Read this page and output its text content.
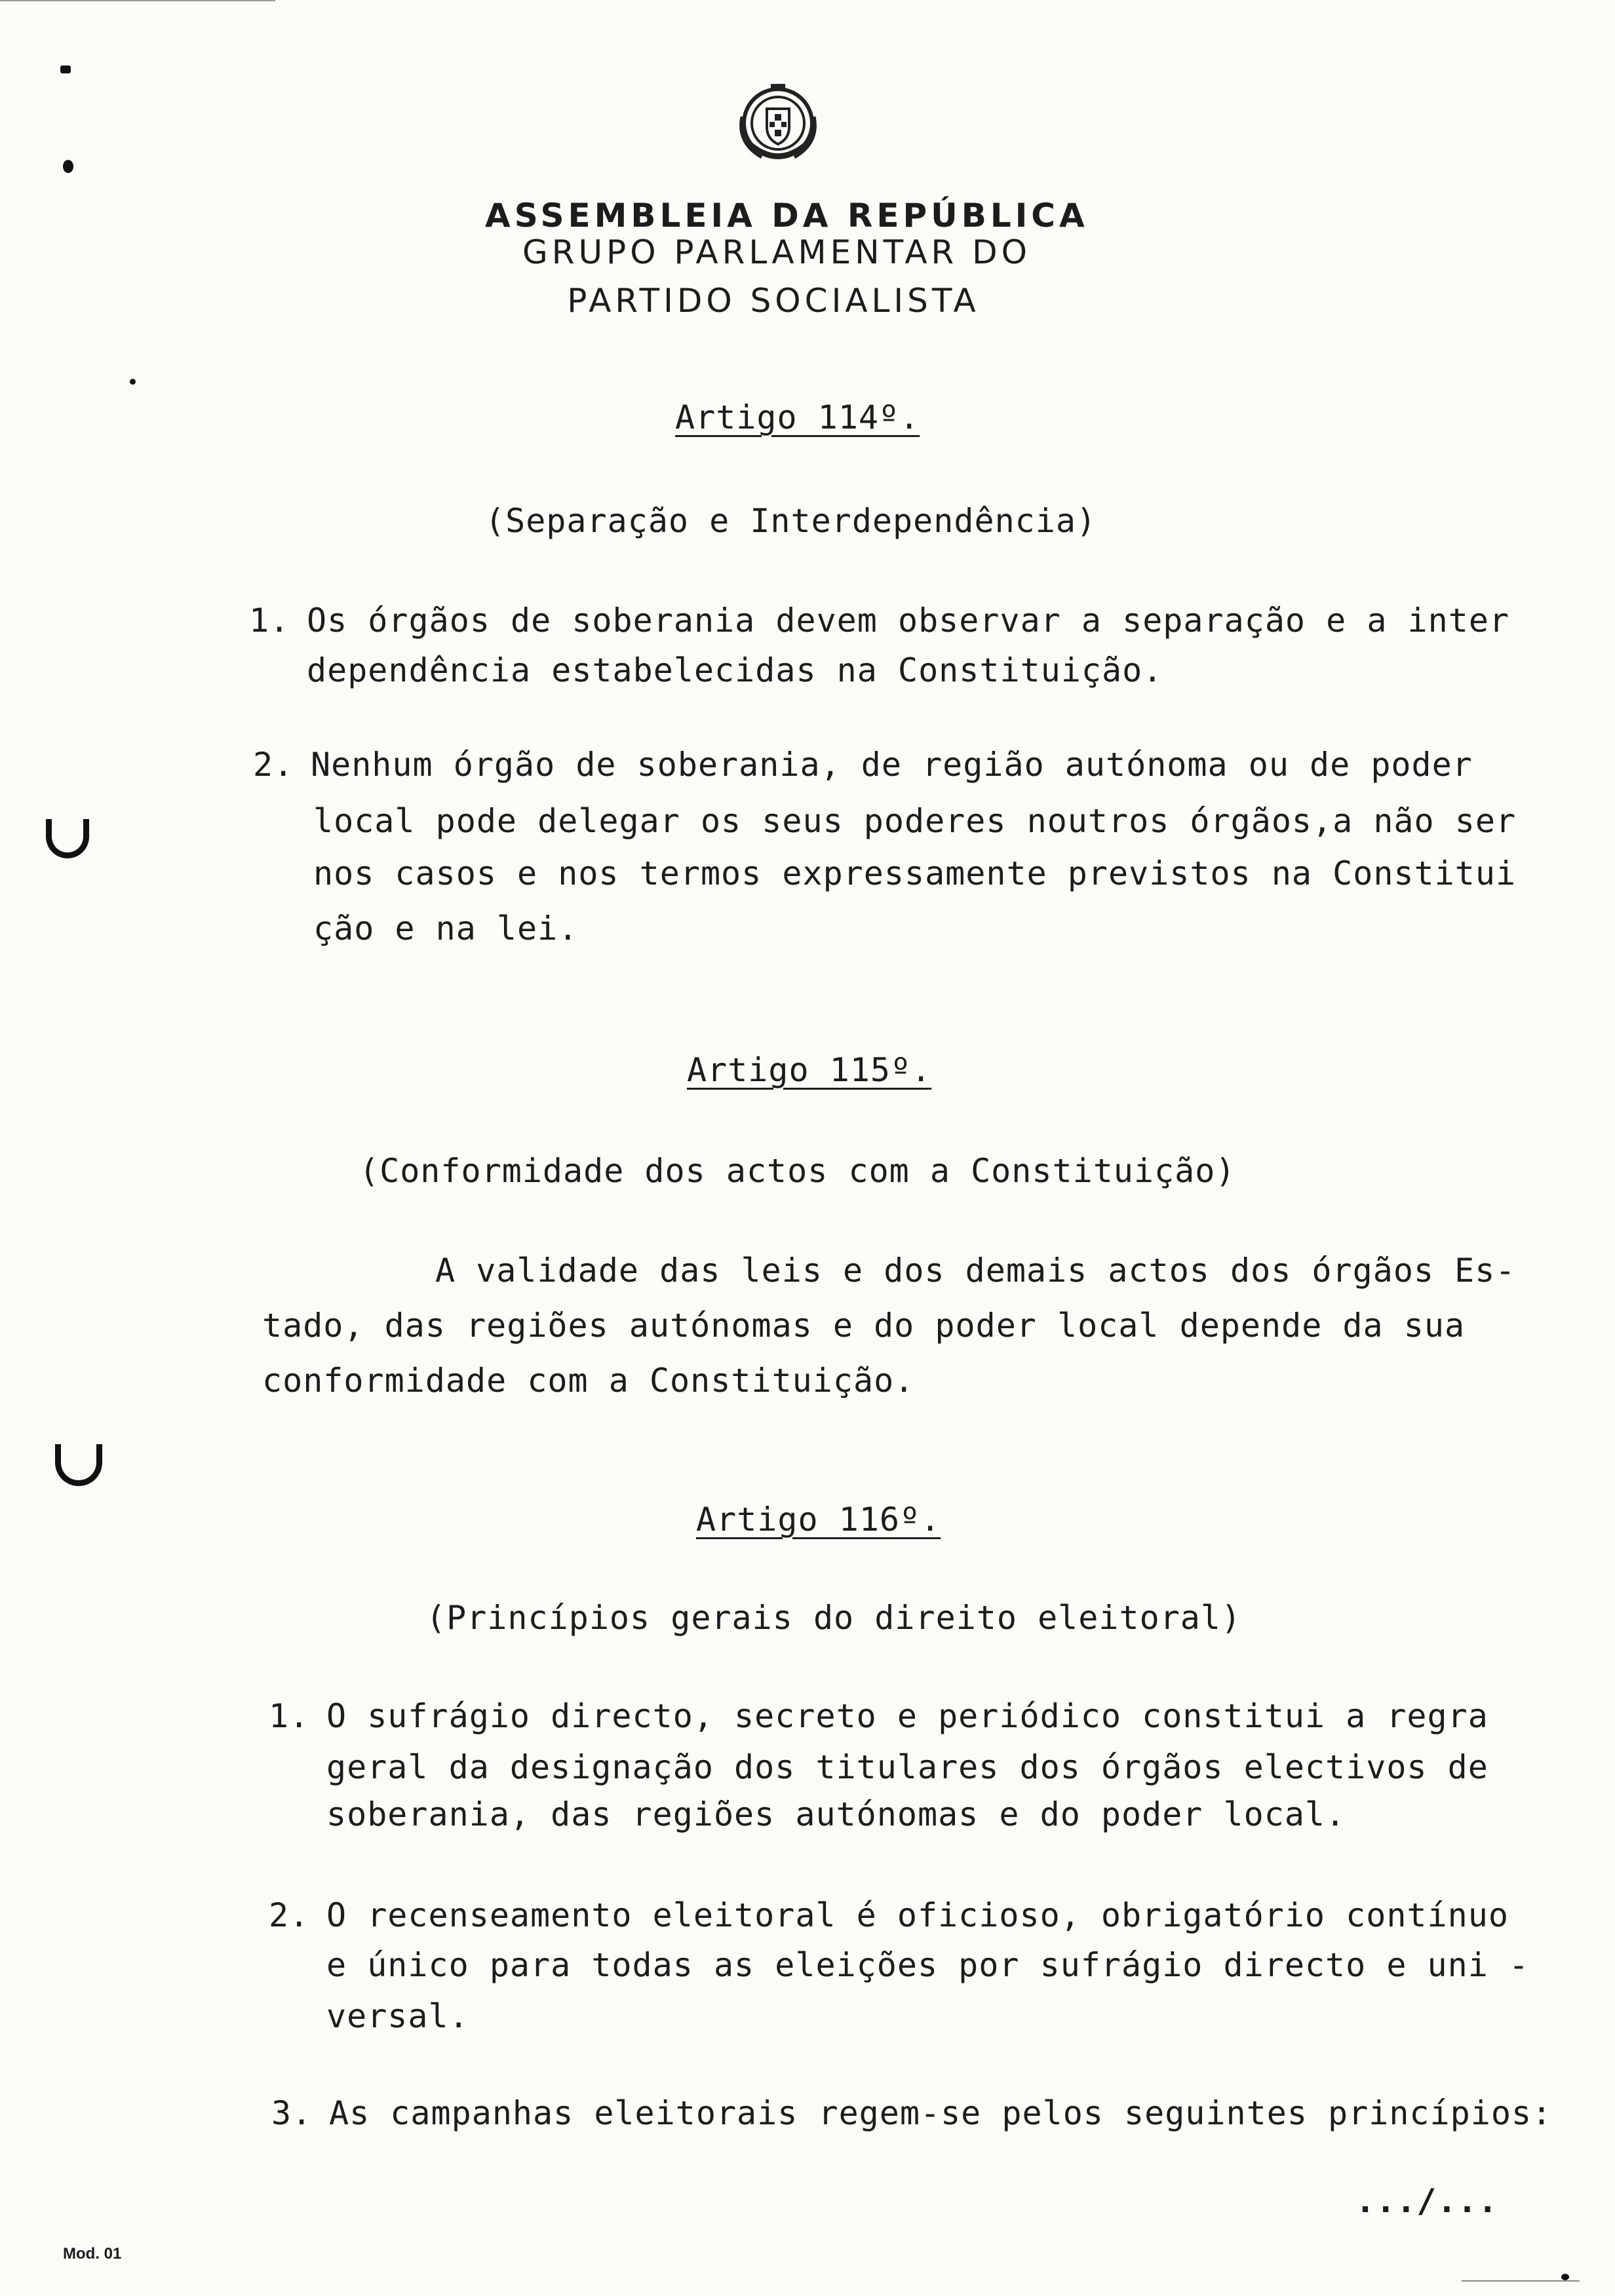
ASSEMBLEIA DA REPÚBLICA
GRUPO PARLAMENTAR DO
PARTIDO SOCIALISTA
Artigo 114º.
(Separação e Interdependência)
1. Os órgãos de soberania devem observar a separação e a inter
dependência estabelecidas na Constituição.
2. Nenhum órgão de soberania, de região autónoma ou de poder
local pode delegar os seus poderes noutros órgãos,a não ser
nos casos e nos termos expressamente previstos na Constitui
ção e na lei.
Artigo 115º.
(Conformidade dos actos com a Constituição)
A validade das leis e dos demais actos dos órgãos Es-
tado, das regiões autónomas e do poder local depende da sua
conformidade com a Constituição.
Artigo 116º.
(Princípios gerais do direito eleitoral)
1. O sufrágio directo, secreto e periódico constitui a regra
geral da designação dos titulares dos órgãos electivos de
soberania, das regiões autónomas e do poder local.
2. O recenseamento eleitoral é oficioso, obrigatório contínuo
e único para todas as eleições por sufrágio directo e uni -
versal.
3. As campanhas eleitorais regem-se pelos seguintes princípios:
.../...
Mod. 01
